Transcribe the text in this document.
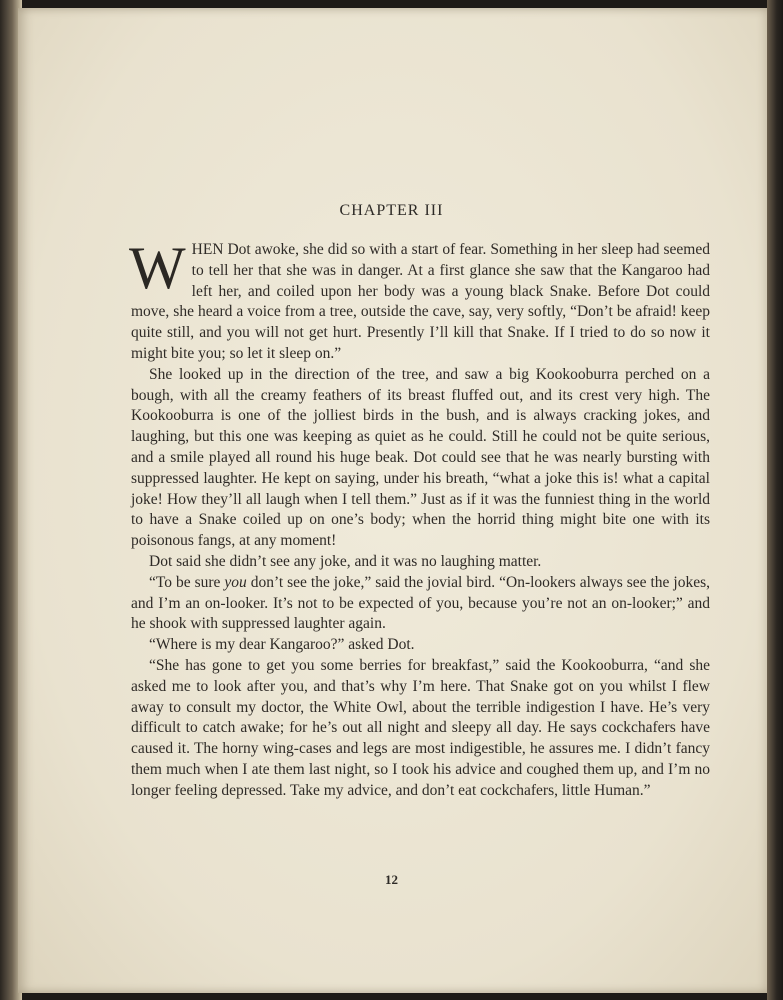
CHAPTER III

WHEN Dot awoke, she did so with a start of fear. Something in her sleep had seemed to tell her that she was in danger. At a first glance she saw that the Kangaroo had left her, and coiled upon her body was a young black Snake. Before Dot could move, she heard a voice from a tree, outside the cave, say, very softly, “Don’t be afraid! keep quite still, and you will not get hurt. Presently I’ll kill that Snake. If I tried to do so now it might bite you; so let it sleep on.”

She looked up in the direction of the tree, and saw a big Kookooburra perched on a bough, with all the creamy feathers of its breast fluffed out, and its crest very high. The Kookooburra is one of the jolliest birds in the bush, and is always cracking jokes, and laughing, but this one was keeping as quiet as he could. Still he could not be quite serious, and a smile played all round his huge beak. Dot could see that he was nearly bursting with suppressed laughter. He kept on saying, under his breath, “what a joke this is! what a capital joke! How they’ll all laugh when I tell them.” Just as if it was the funniest thing in the world to have a Snake coiled up on one’s body; when the horrid thing might bite one with its poisonous fangs, at any moment!

Dot said she didn’t see any joke, and it was no laughing matter.

“To be sure you don’t see the joke,” said the jovial bird. “On-lookers always see the jokes, and I’m an on-looker. It’s not to be expected of you, because you’re not an on-looker;” and he shook with suppressed laughter again.

“Where is my dear Kangaroo?” asked Dot.

“She has gone to get you some berries for breakfast,” said the Kookooburra, “and she asked me to look after you, and that’s why I’m here. That Snake got on you whilst I flew away to consult my doctor, the White Owl, about the terrible indigestion I have. He’s very difficult to catch awake; for he’s out all night and sleepy all day. He says cockchafers have caused it. The horny wing-cases and legs are most indigestible, he assures me. I didn’t fancy them much when I ate them last night, so I took his advice and coughed them up, and I’m no longer feeling depressed. Take my advice, and don’t eat cockchafers, little Human.”

12
